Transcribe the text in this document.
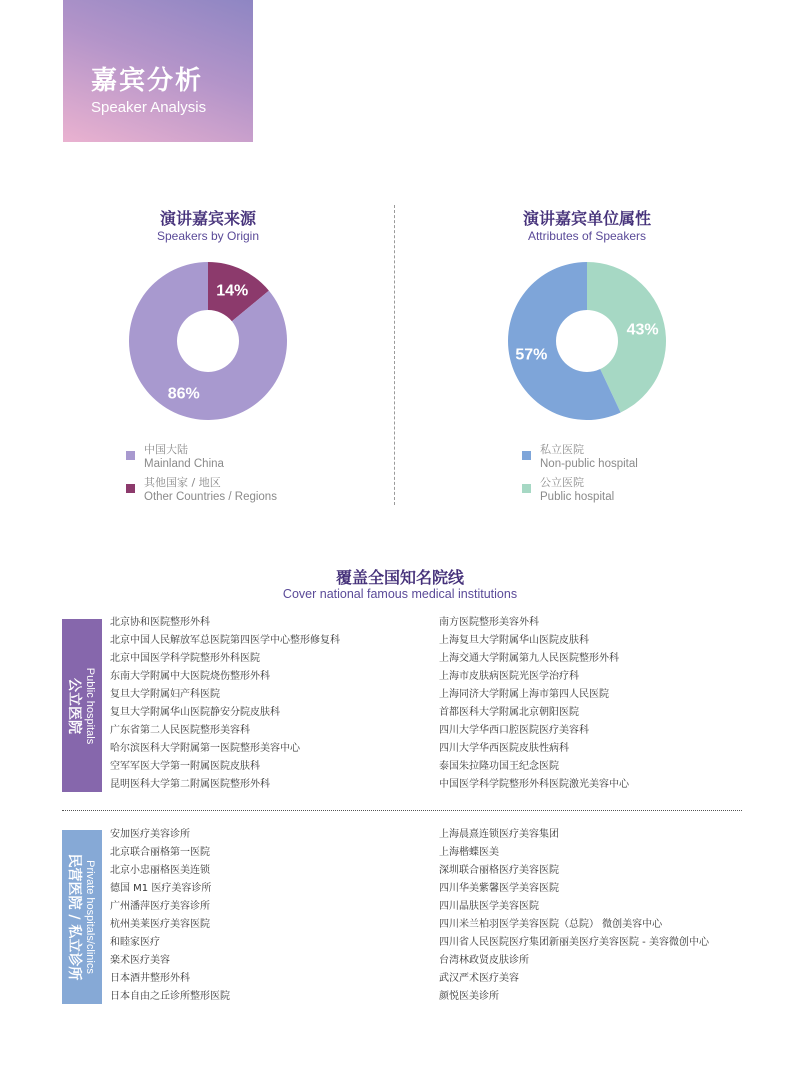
嘉宾分析
Speaker Analysis
演讲嘉宾来源
Speakers by Origin
14%
86%
中国大陆
Mainland China
其他国家 / 地区
Other Countries / Regions
演讲嘉宾单位属性
Attributes of Speakers
43%
57%
私立医院
Non-public hospital
公立医院
Public hospital
覆盖全国知名院线
Cover national famous medical institutions
Public hospitals
公立医院
北京协和医院整形外科
北京中国人民解放军总医院第四医学中心整形修复科
北京中国医学科学院整形外科医院
东南大学附属中大医院烧伤整形外科
复旦大学附属妇产科医院
复旦大学附属华山医院静安分院皮肤科
广东省第二人民医院整形美容科
哈尔滨医科大学附属第一医院整形美容中心
空军军医大学第一附属医院皮肤科
昆明医科大学第二附属医院整形外科
南方医院整形美容外科
上海复旦大学附属华山医院皮肤科
上海交通大学附属第九人民医院整形外科
上海市皮肤病医院光医学治疗科
上海同济大学附属上海市第四人民医院
首都医科大学附属北京朝阳医院
四川大学华西口腔医院医疗美容科
四川大学华西医院皮肤性病科
泰国朱拉隆功国王纪念医院
中国医学科学院整形外科医院激光美容中心
Private hospitals/clinics
民营医院 / 私立诊所
安加医疗美容诊所
北京联合丽格第一医院
北京小忠丽格医美连锁
德国 M1 医疗美容诊所
广州潘萍医疗美容诊所
杭州美莱医疗美容医院
和睦家医疗
楽术医疗美容
日本酒井整形外科
日本自由之丘诊所整形医院
上海晨熹连锁医疗美容集团
上海楷蝶医美
深圳联合丽格医疗美容医院
四川华美紫馨医学美容医院
四川晶肤医学美容医院
四川米兰柏羽医学美容医院（总院） 微创美容中心
四川省人民医院医疗集团新丽美医疗美容医院 - 美容微创中心
台湾林政贤皮肤诊所
武汉严术医疗美容
颜悦医美诊所
